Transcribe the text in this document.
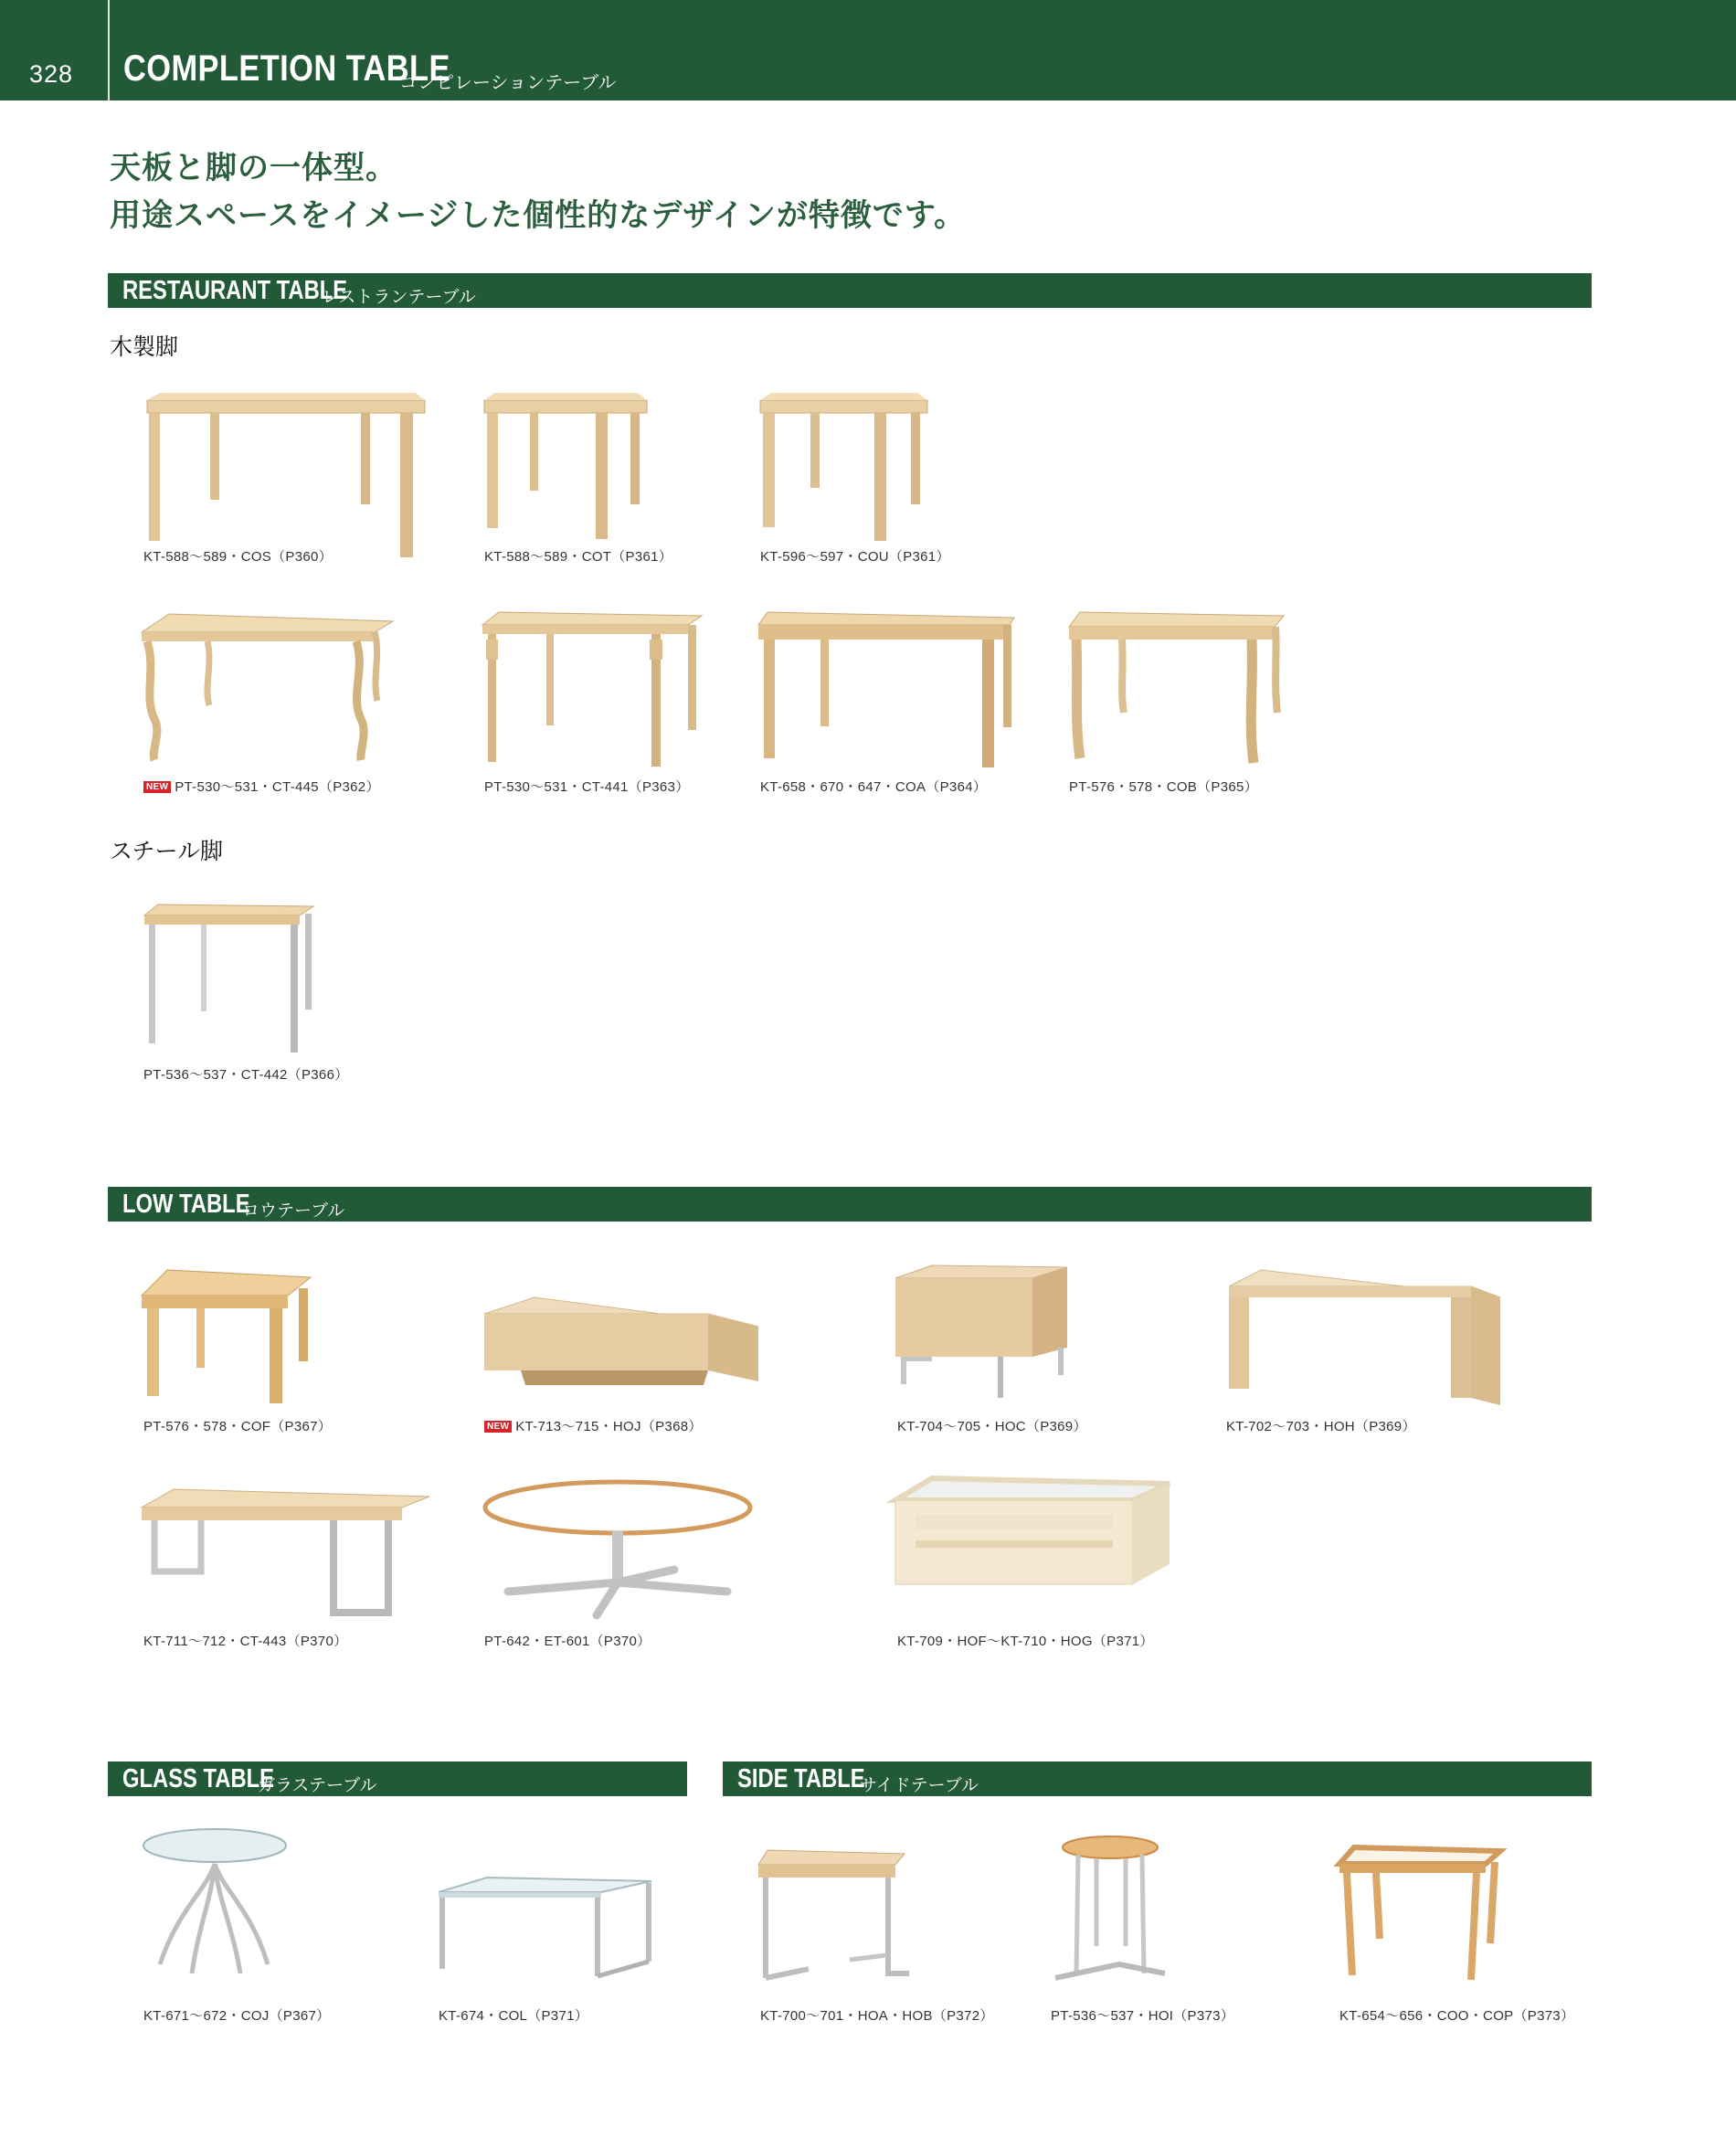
328 COMPLETION TABLE
コンピレーションテーブル
天板と脚の一体型。
用途スペースをイメージした個性的なデザインが特徴です。
RESTAURANT TABLE
レストランテーブル
木製脚
KT-588～589・COS（P360）	KT-588～589・COT（P361）	KT-596～597・COU（P361）
NEW PT-530～531・CT-445（P362）	PT-530～531・CT-441（P363）	KT-658・670・647・COA（P364）	PT-576・578・COB（P365）
スチール脚
PT-536～537・CT-442（P366）
LOW TABLE
ロウテーブル
PT-576・578・COF（P367）	NEW KT-713～715・HOJ（P368）	KT-704～705・HOC（P369）	KT-702～703・HOH（P369）
KT-711～712・CT-443（P370）	PT-642・ET-601（P370）	KT-709・HOF～KT-710・HOG（P371）
GLASS TABLE
ガラステーブル	SIDE TABLE
サイドテーブル
KT-671～672・COJ（P367）	KT-674・COL（P371）	KT-700～701・HOA・HOB（P372）	PT-536～537・HOI（P373）	KT-654～656・COO・COP（P373）
